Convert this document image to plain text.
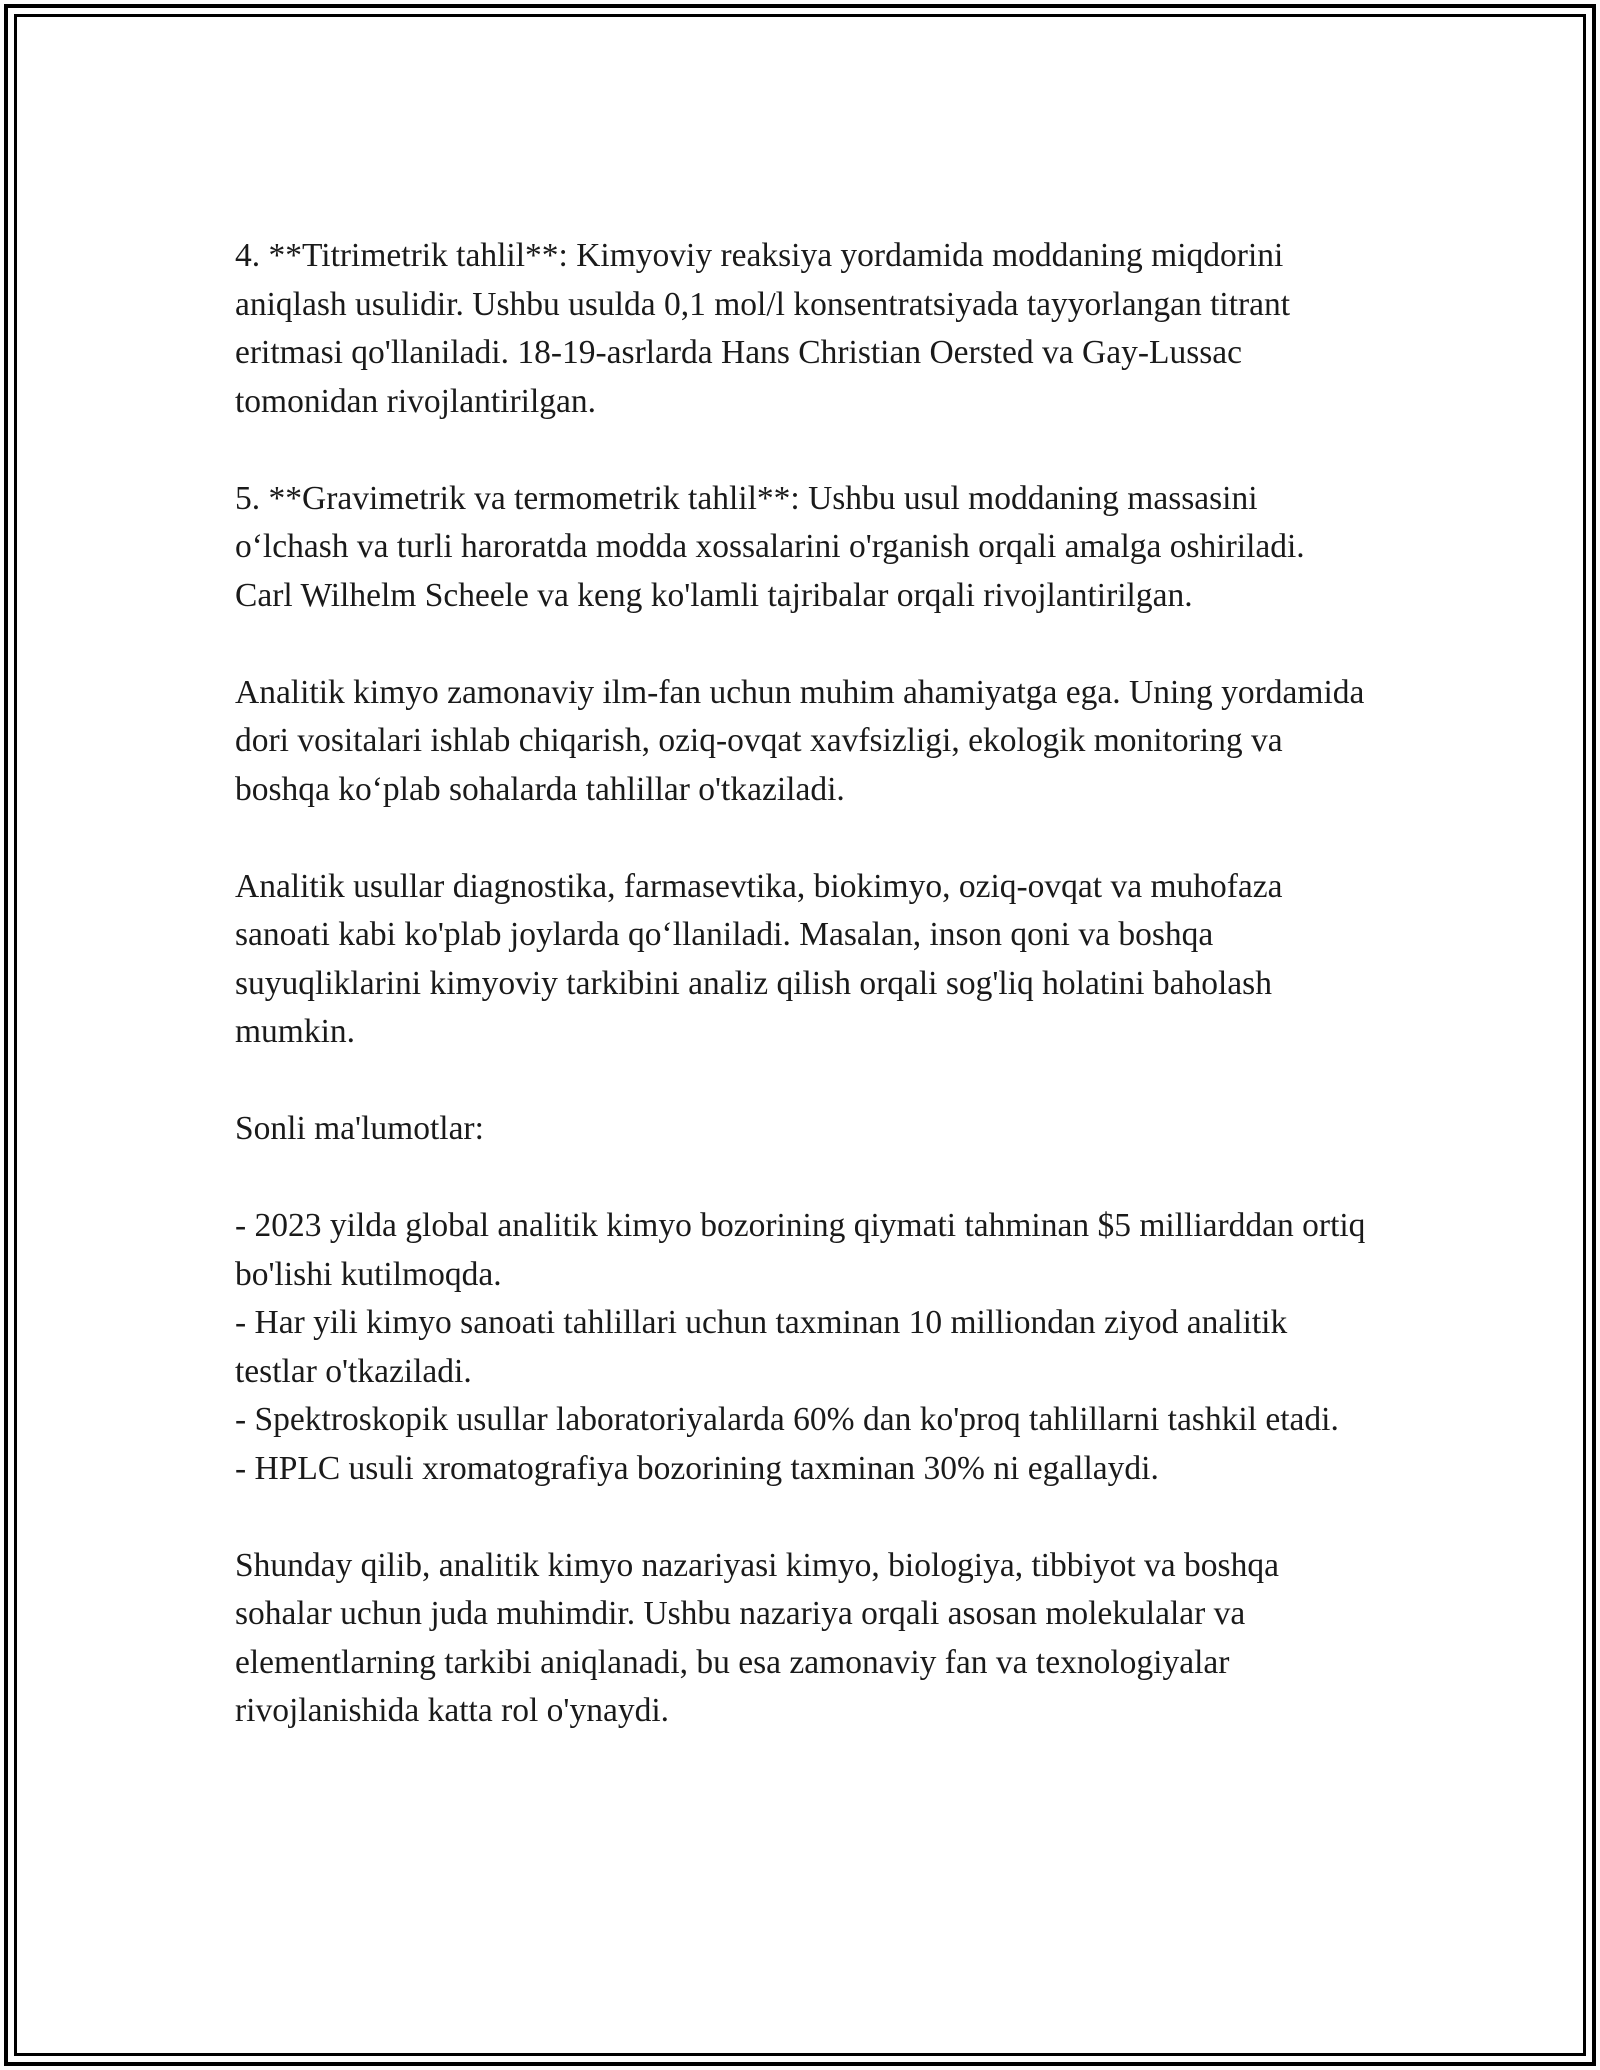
4. **Titrimetrik tahlil**: Kimyoviy reaksiya yordamida moddaning miqdorini aniqlash usulidir. Ushbu usulda 0,1 mol/l konsentratsiyada tayyorlangan titrant eritmasi qo'llaniladi. 18-19-asrlarda Hans Christian Oersted va Gay-Lussac tomonidan rivojlantirilgan.

5. **Gravimetrik va termometrik tahlil**: Ushbu usul moddaning massasini o‘lchash va turli haroratda modda xossalarini o'rganish orqali amalga oshiriladi. Carl Wilhelm Scheele va keng ko'lamli tajribalar orqali rivojlantirilgan.

Analitik kimyo zamonaviy ilm-fan uchun muhim ahamiyatga ega. Uning yordamida dori vositalari ishlab chiqarish, oziq-ovqat xavfsizligi, ekologik monitoring va boshqa ko‘plab sohalarda tahlillar o'tkaziladi.

Analitik usullar diagnostika, farmasevtika, biokimyo, oziq-ovqat va muhofaza sanoati kabi ko'plab joylarda qo‘llaniladi. Masalan, inson qoni va boshqa suyuqliklarini kimyoviy tarkibini analiz qilish orqali sog'liq holatini baholash mumkin.

Sonli ma'lumotlar:

- 2023 yilda global analitik kimyo bozorining qiymati tahminan $5 milliarddan ortiq bo'lishi kutilmoqda.
- Har yili kimyo sanoati tahlillari uchun taxminan 10 milliondan ziyod analitik testlar o'tkaziladi.
- Spektroskopik usullar laboratoriyalarda 60% dan ko'proq tahlillarni tashkil etadi.
- HPLC usuli xromatografiya bozorining taxminan 30% ni egallaydi.

Shunday qilib, analitik kimyo nazariyasi kimyo, biologiya, tibbiyot va boshqa sohalar uchun juda muhimdir. Ushbu nazariya orqali asosan molekulalar va elementlarning tarkibi aniqlanadi, bu esa zamonaviy fan va texnologiyalar rivojlanishida katta rol o'ynaydi.
